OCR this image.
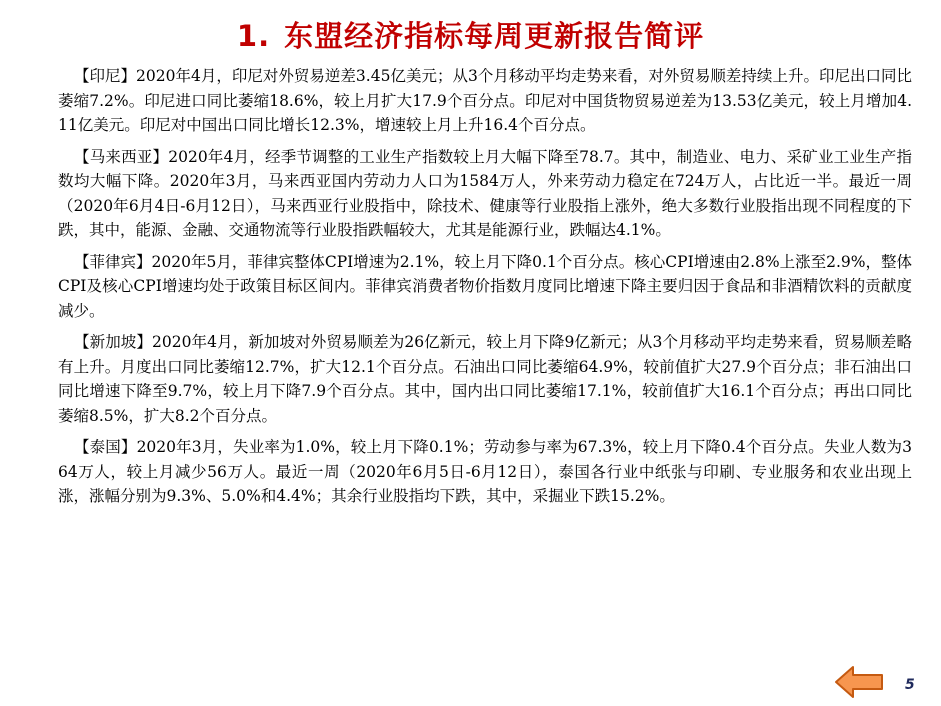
1. 东盟经济指标每周更新报告简评

【印尼】2020年4月，印尼对外贸易逆差3.45亿美元；从3个月移动平均走势来看，对外贸易顺差持续上升。印尼出口同比萎缩7.2%。印尼进口同比萎缩18.6%，较上月扩大17.9个百分点。印尼对中国货物贸易逆差为13.53亿美元，较上月增加4.11亿美元。印尼对中国出口同比增长12.3%，增速较上月上升16.4个百分点。

【马来西亚】2020年4月，经季节调整的工业生产指数较上月大幅下降至78.7。其中，制造业、电力、采矿业工业生产指数均大幅下降。2020年3月，马来西亚国内劳动力人口为1584万人，外来劳动力稳定在724万人，占比近一半。最近一周（2020年6月4日-6月12日），马来西亚行业股指中，除技术、健康等行业股指上涨外，绝大多数行业股指出现不同程度的下跌，其中，能源、金融、交通物流等行业股指跌幅较大，尤其是能源行业，跌幅达4.1%。

【菲律宾】2020年5月，菲律宾整体CPI增速为2.1%，较上月下降0.1个百分点。核心CPI增速由2.8%上涨至2.9%，整体CPI及核心CPI增速均处于政策目标区间内。菲律宾消费者物价指数月度同比增速下降主要归因于食品和非酒精饮料的贡献度减少。

【新加坡】2020年4月，新加坡对外贸易顺差为26亿新元，较上月下降9亿新元；从3个月移动平均走势来看，贸易顺差略有上升。月度出口同比萎缩12.7%，扩大12.1个百分点。石油出口同比萎缩64.9%，较前值扩大27.9个百分点；非石油出口同比增速下降至9.7%，较上月下降7.9个百分点。其中，国内出口同比萎缩17.1%，较前值扩大16.1个百分点；再出口同比萎缩8.5%，扩大8.2个百分点。

【泰国】2020年3月，失业率为1.0%，较上月下降0.1%；劳动参与率为67.3%，较上月下降0.4个百分点。失业人数为364万人，较上月减少56万人。最近一周（2020年6月5日-6月12日），泰国各行业中纸张与印刷、专业服务和农业出现上涨，涨幅分别为9.3%、5.0%和4.4%；其余行业股指均下跌，其中，采掘业下跌15.2%。

5
